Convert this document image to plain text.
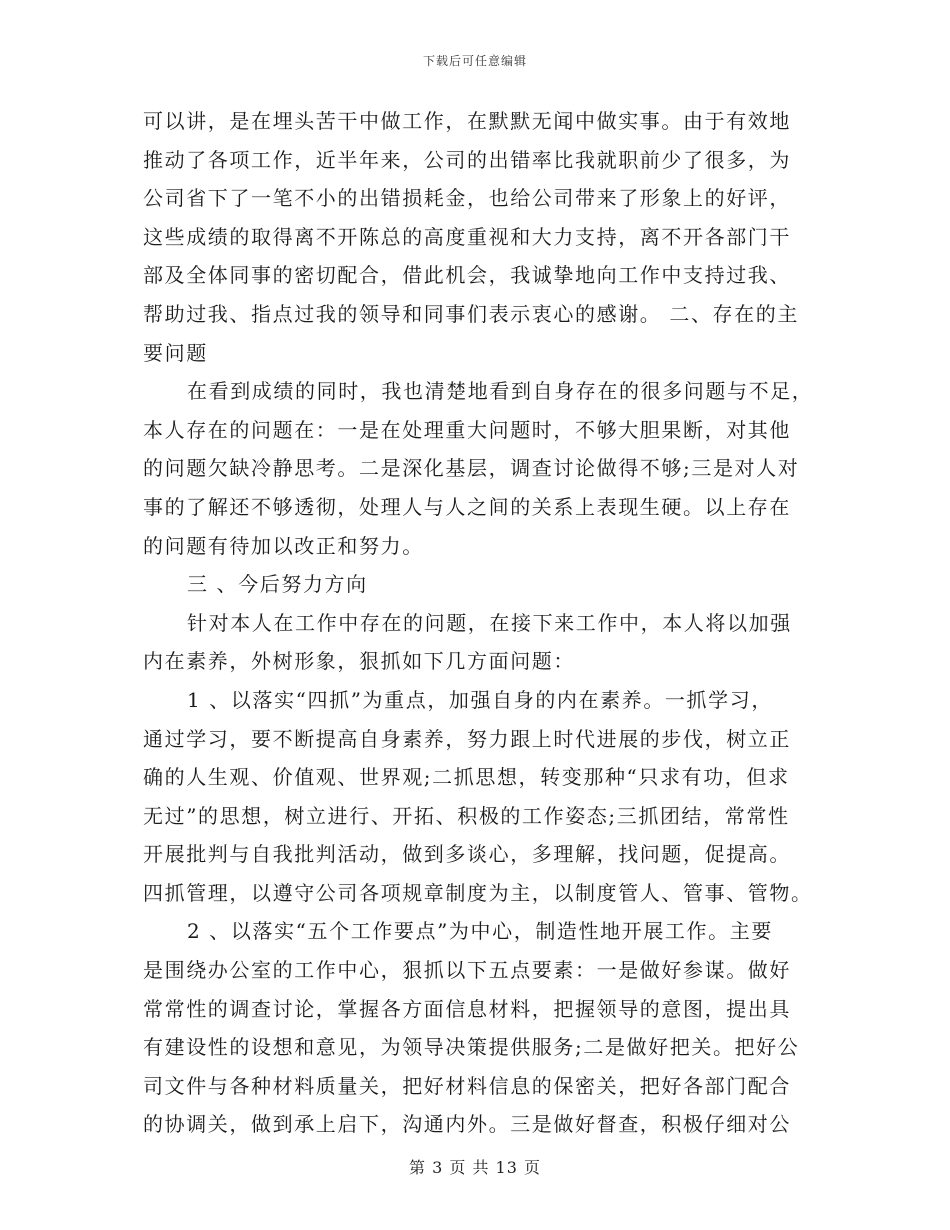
下载后可任意编辑
可以讲，是在埋头苦干中做工作，在默默无闻中做实事。由于有效地
推动了各项工作，近半年来，公司的出错率比我就职前少了很多，为
公司省下了一笔不小的出错损耗金，也给公司带来了形象上的好评，
这些成绩的取得离不开陈总的高度重视和大力支持，离不开各部门干
部及全体同事的密切配合，借此机会，我诚挚地向工作中支持过我、
帮助过我、指点过我的领导和同事们表示衷心的感谢。 二、存在的主
要问题
在看到成绩的同时，我也清楚地看到自身存在的很多问题与不足，
本人存在的问题在：一是在处理重大问题时，不够大胆果断，对其他
的问题欠缺冷静思考。二是深化基层，调查讨论做得不够;三是对人对
事的了解还不够透彻，处理人与人之间的关系上表现生硬。以上存在
的问题有待加以改正和努力。
三 、今后努力方向
针对本人在工作中存在的问题，在接下来工作中，本人将以加强
内在素养，外树形象，狠抓如下几方面问题：
1 、以落实“四抓”为重点，加强自身的内在素养。一抓学习，
通过学习，要不断提高自身素养，努力跟上时代进展的步伐，树立正
确的人生观、价值观、世界观;二抓思想，转变那种“只求有功，但求
无过”的思想，树立进行、开拓、积极的工作姿态;三抓团结，常常性
开展批判与自我批判活动，做到多谈心，多理解，找问题，促提高。
四抓管理，以遵守公司各项规章制度为主，以制度管人、管事、管物。
2 、以落实“五个工作要点”为中心，制造性地开展工作。主要
是围绕办公室的工作中心，狠抓以下五点要素：一是做好参谋。做好
常常性的调查讨论，掌握各方面信息材料，把握领导的意图，提出具
有建设性的设想和意见，为领导决策提供服务;二是做好把关。把好公
司文件与各种材料质量关，把好材料信息的保密关，把好各部门配合
的协调关，做到承上启下，沟通内外。三是做好督查，积极仔细对公
第 3 页 共 13 页
